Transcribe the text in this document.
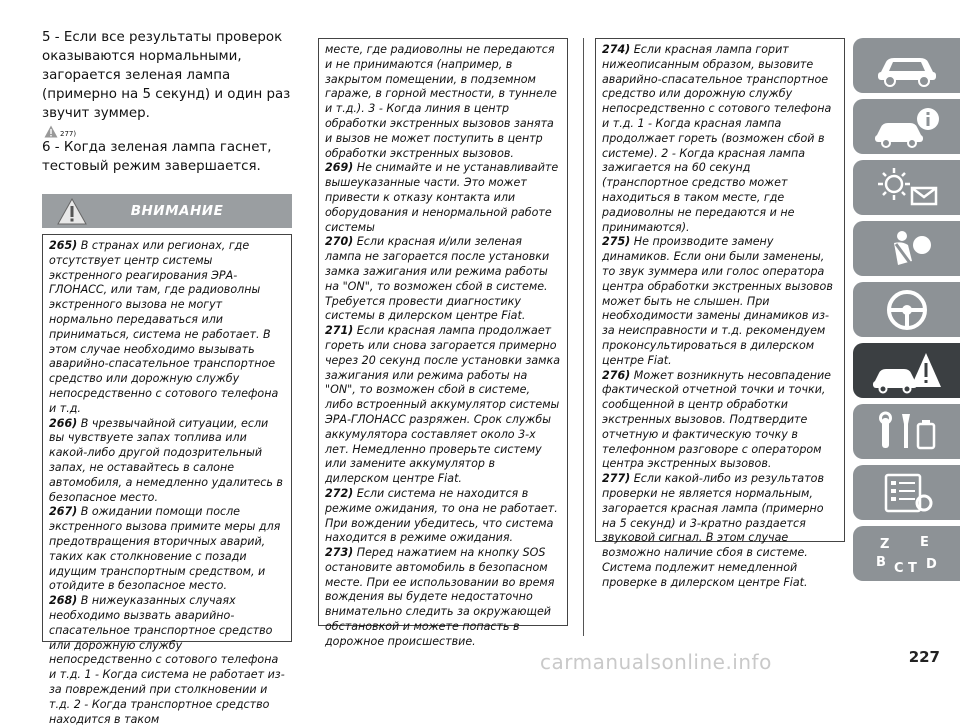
5 - Если все результаты проверок оказываются нормальными, загорается зеленая лампа (примерно на 5 секунд) и один раз звучит зуммер.

277)

6 - Когда зеленая лампа гаснет, тестовый режим завершается.

ВНИМАНИЕ

265) В странах или регионах, где отсутствует центр системы экстренного реагирования ЭРА-ГЛОНАСС, или там, где радиоволны экстренного вызова не могут нормально передаваться или приниматься, система не работает. В этом случае необходимо вызывать аварийно-спасательное транспортное средство или дорожную службу непосредственно с сотового телефона и т.д.

266) В чрезвычайной ситуации, если вы чувствуете запах топлива или какой-либо другой подозрительный запах, не оставайтесь в салоне автомобиля, а немедленно удалитесь в безопасное место.

267) В ожидании помощи после экстренного вызова примите меры для предотвращения вторичных аварий, таких как столкновение с позади идущим транспортным средством, и отойдите в безопасное место.

268) В нижеуказанных случаях необходимо вызвать аварийно-спасательное транспортное средство или дорожную службу непосредственно с сотового телефона и т.д. 1 - Когда система не работает из-за повреждений при столкновении и т.д. 2 - Когда транспортное средство находится в таком

месте, где радиоволны не передаются и не принимаются (например, в закрытом помещении, в подземном гараже, в горной местности, в туннеле и т.д.). 3 - Когда линия в центр обработки экстренных вызовов занята и вызов не может поступить в центр обработки экстренных вызовов.

269) Не снимайте и не устанавливайте вышеуказанные части. Это может привести к отказу контакта или оборудования и ненормальной работе системы

270) Если красная и/или зеленая лампа не загорается после установки замка зажигания или режима работы на "ON", то возможен сбой в системе. Требуется провести диагностику системы в дилерском центре Fiat.

271) Если красная лампа продолжает гореть или снова загорается примерно через 20 секунд после установки замка зажигания или режима работы на "ON", то возможен сбой в системе, либо встроенный аккумулятор системы ЭРА-ГЛОНАСС разряжен. Срок службы аккумулятора составляет около 3-х лет. Немедленно проверьте систему или замените аккумулятор в дилерском центре Fiat.

272) Если система не находится в режиме ожидания, то она не работает. При вождении убедитесь, что система находится в режиме ожидания.

273) Перед нажатием на кнопку SOS остановите автомобиль в безопасном месте. При ее использовании во время вождения вы будете недостаточно внимательно следить за окружающей обстановкой и можете попасть в дорожное происшествие.

274) Если красная лампа горит нижеописанным образом, вызовите аварийно-спасательное транспортное средство или дорожную службу непосредственно с сотового телефона и т.д. 1 - Когда красная лампа продолжает гореть (возможен сбой в системе). 2 - Когда красная лампа зажигается на 60 секунд (транспортное средство может находиться в таком месте, где радиоволны не передаются и не принимаются).

275) Не производите замену динамиков. Если они были заменены, то звук зуммера или голос оператора центра обработки экстренных вызовов может быть не слышен. При необходимости замены динамиков из-за неисправности и т.д. рекомендуем проконсультироваться в дилерском центре Fiat.

276) Может возникнуть несовпадение фактической отчетной точки и точки, сообщенной в центр обработки экстренных вызовов. Подтвердите отчетную и фактическую точку в телефонном разговоре с оператором центра экстренных вызовов.

277) Если какой-либо из результатов проверки не является нормальным, загорается красная лампа (примерно на 5 секунд) и 3-кратно раздается звуковой сигнал. В этом случае возможно наличие сбоя в системе. Система подлежит немедленной проверке в дилерском центре Fiat.

Z E
B C T D
carmanualsonline.info	227
